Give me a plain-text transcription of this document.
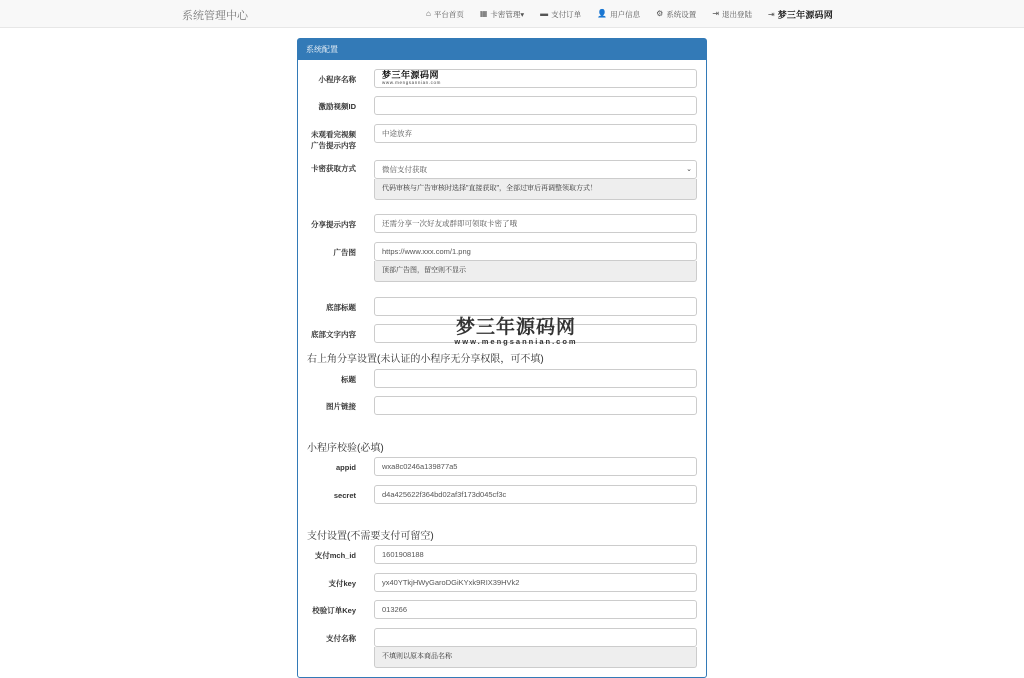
系统管理中心	⌂ 平台首页 ▦ 卡密管理▾ ▬ 支付订单 👤 用户信息 ⚙ 系统设置 ⇥ 退出登陆 ⇥ 梦三年源码网
系统配置
小程序名称	梦三年源码网
www.mengsannian.com
激励视频ID
未观看完视频
广告提示内容
中途放弃
卡密获取方式	微信支付获取	⌄
代码审核与广告审核时选择"直接获取"，全部过审后再调整领取方式！
分享提示内容	还需分享一次好友或群即可领取卡密了哦
广告图	https://www.xxx.com/1.png
顶部广告图，留空则不显示
底部标题
底部文字内容
右上角分享设置(未认证的小程序无分享权限，可不填)
标题
图片链接
小程序校验(必填)
appid	wxa8c0246a139877a5
secret	d4a425622f364bd02af3f173d045cf3c
支付设置(不需要支付可留空)
支付mch_id	1601908188
支付key	yx40YTkjHWyGaroDGiKYxk9RIX39HVk2
校验订单Key	013266
支付名称
不填则以原本商品名称
梦三年源码网
www.mengsannian.com
